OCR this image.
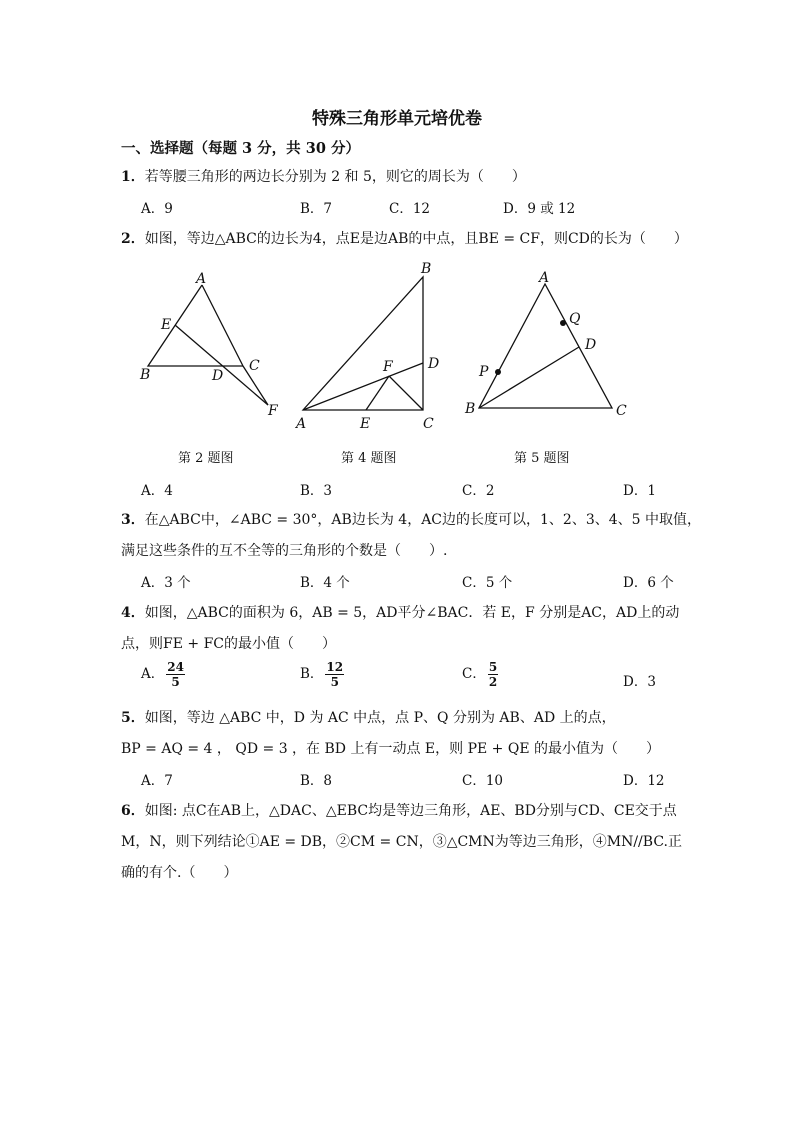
特殊三角形单元培优卷
一、选择题（每题 3 分，共 30 分）
1．若等腰三角形的两边长分别为 2 和 5，则它的周长为（　　）
A．9	B．7	C．12	D．9 或 12
2．如图，等边△ABC的边长为4，点E是边AB的中点，且BE = CF，则CD的长为（　　）
A
E
B	D
C
F
B
D
F
A	E	C
A
Q
D
P
B	C
第 2 题图	第 4 题图	第 5 题图
A．4	B．3	C．2	D．1
3．在△ABC中，∠ABC = 30°，AB边长为 4，AC边的长度可以，1、2、3、4、5 中取值，
满足这些条件的互不全等的三角形的个数是（　　）.
A．3 个	B．4 个	C．5 个	D．6 个
4．如图，△ABC的面积为 6，AB = 5，AD平分∠BAC．若 E，F 分别是AC，AD上的动
点，则FE + FC的最小值（　　）
A． $\frac{24}{5}$	B． $\frac{12}{5}$	C． $\frac{5}{2}$	D．3
5．如图，等边 △ABC 中，D 为 AC 中点，点 P、Q 分别为 AB、AD 上的点，
BP = AQ = 4 ， QD = 3 ，在 BD 上有一动点 E，则 PE + QE 的最小值为（　　）
A．7	B．8	C．10	D．12
6．如图: 点C在AB上，△DAC、△EBC均是等边三角形，AE、BD分别与CD、CE交于点
M，N，则下列结论①AE = DB，②CM = CN，③△CMN为等边三角形，④MN//BC.正
确的有个.（　　）
